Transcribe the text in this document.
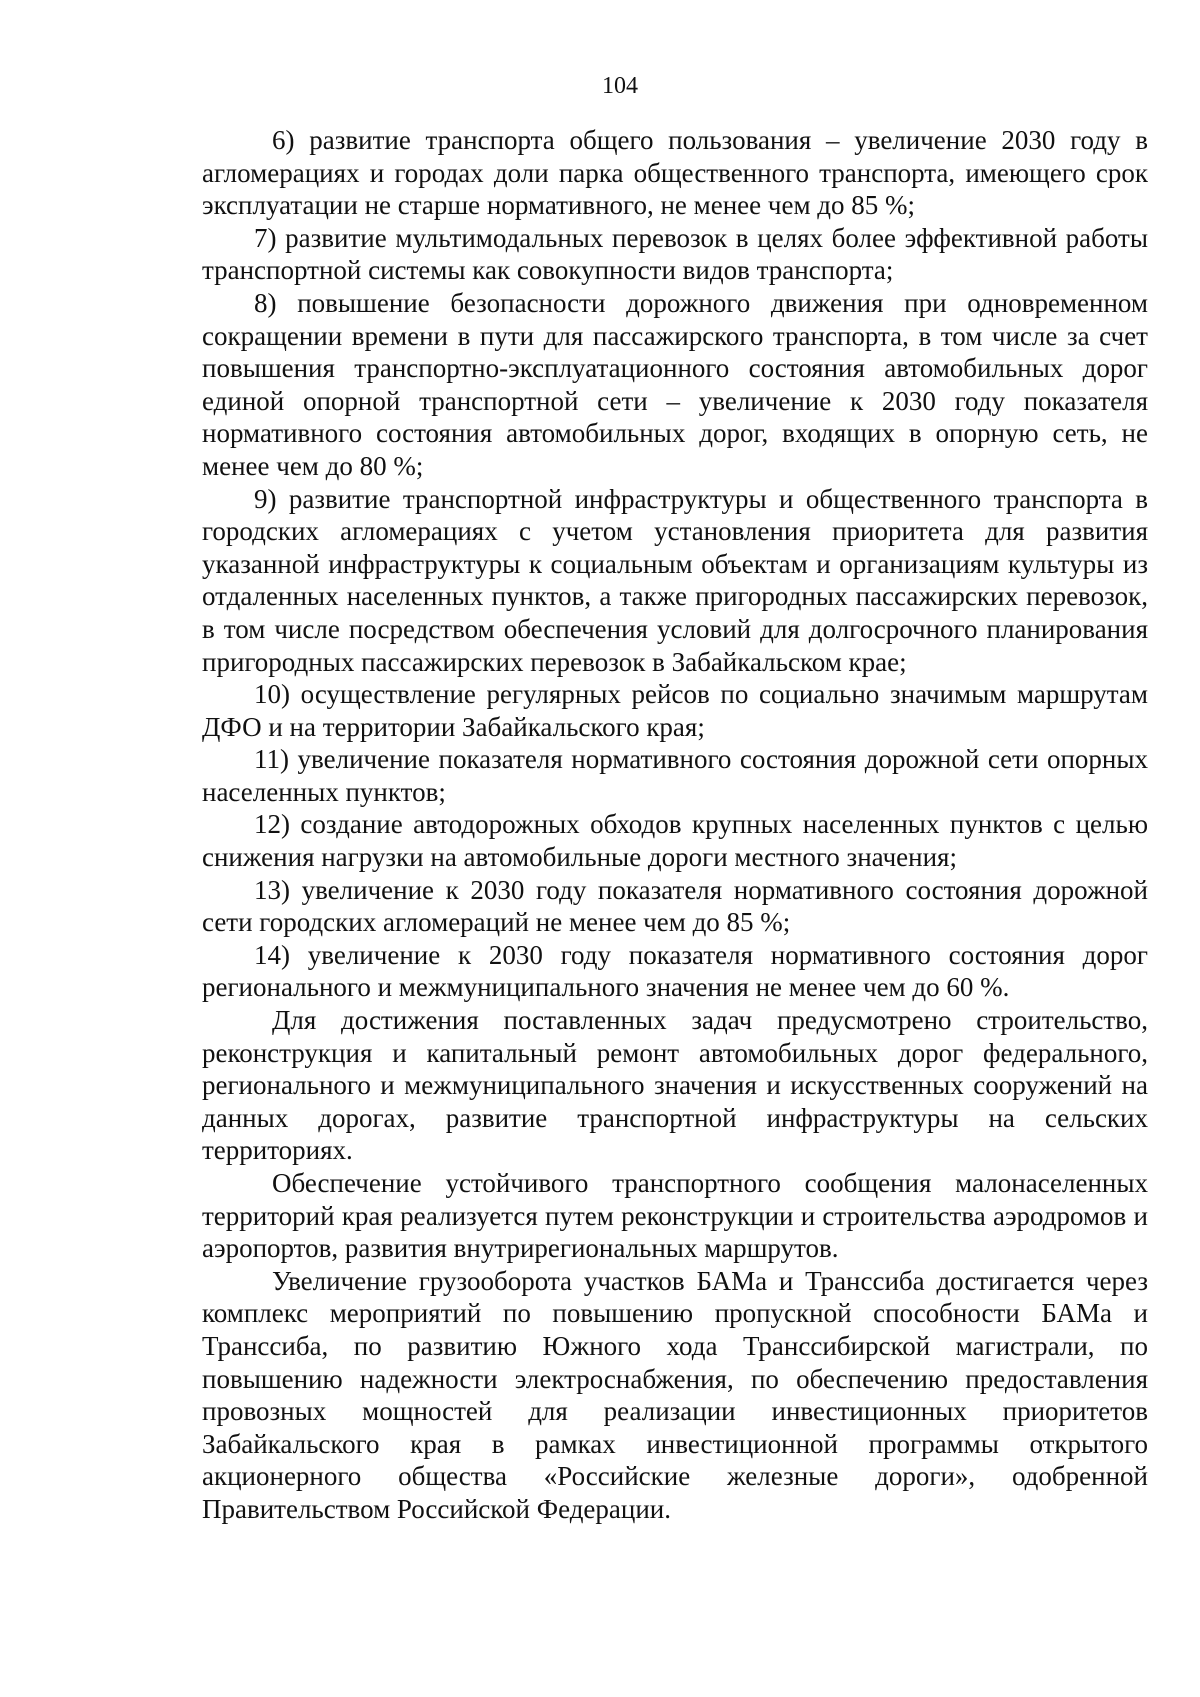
104

6) развитие транспорта общего пользования – увеличение 2030 году в агломерациях и городах доли парка общественного транспорта, имеющего срок эксплуатации не старше нормативного, не менее чем до 85 %;

7) развитие мультимодальных перевозок в целях более эффективной работы транспортной системы как совокупности видов транспорта;

8) повышение безопасности дорожного движения при одновременном сокращении времени в пути для пассажирского транспорта, в том числе за счет повышения транспортно-эксплуатационного состояния автомобильных дорог единой опорной транспортной сети – увеличение к 2030 году показателя нормативного состояния автомобильных дорог, входящих в опорную сеть, не менее чем до 80 %;

9) развитие транспортной инфраструктуры и общественного транспорта в городских агломерациях с учетом установления приоритета для развития указанной инфраструктуры к социальным объектам и организациям культуры из отдаленных населенных пунктов, а также пригородных пассажирских перевозок, в том числе посредством обеспечения условий для долгосрочного планирования пригородных пассажирских перевозок в Забайкальском крае;

10) осуществление регулярных рейсов по социально значимым маршрутам ДФО и на территории Забайкальского края;

11) увеличение показателя нормативного состояния дорожной сети опорных населенных пунктов;

12) создание автодорожных обходов крупных населенных пунктов с целью снижения нагрузки на автомобильные дороги местного значения;

13) увеличение к 2030 году показателя нормативного состояния дорожной сети городских агломераций не менее чем до 85 %;

14) увеличение к 2030 году показателя нормативного состояния дорог регионального и межмуниципального значения не менее чем до 60 %.

Для достижения поставленных задач предусмотрено строительство, реконструкция и капитальный ремонт автомобильных дорог федерального, регионального и межмуниципального значения и искусственных сооружений на данных дорогах, развитие транспортной инфраструктуры на сельских территориях.

Обеспечение устойчивого транспортного сообщения малонаселенных территорий края реализуется путем реконструкции и строительства аэродромов и аэропортов, развития внутрирегиональных маршрутов.

Увеличение грузооборота участков БАМа и Транссиба достигается через комплекс мероприятий по повышению пропускной способности БАМа и Транссиба, по развитию Южного хода Транссибирской магистрали, по повышению надежности электроснабжения, по обеспечению предоставления провозных мощностей для реализации инвестиционных приоритетов Забайкальского края в рамках инвестиционной программы открытого акционерного общества «Российские железные дороги», одобренной Правительством Российской Федерации.
